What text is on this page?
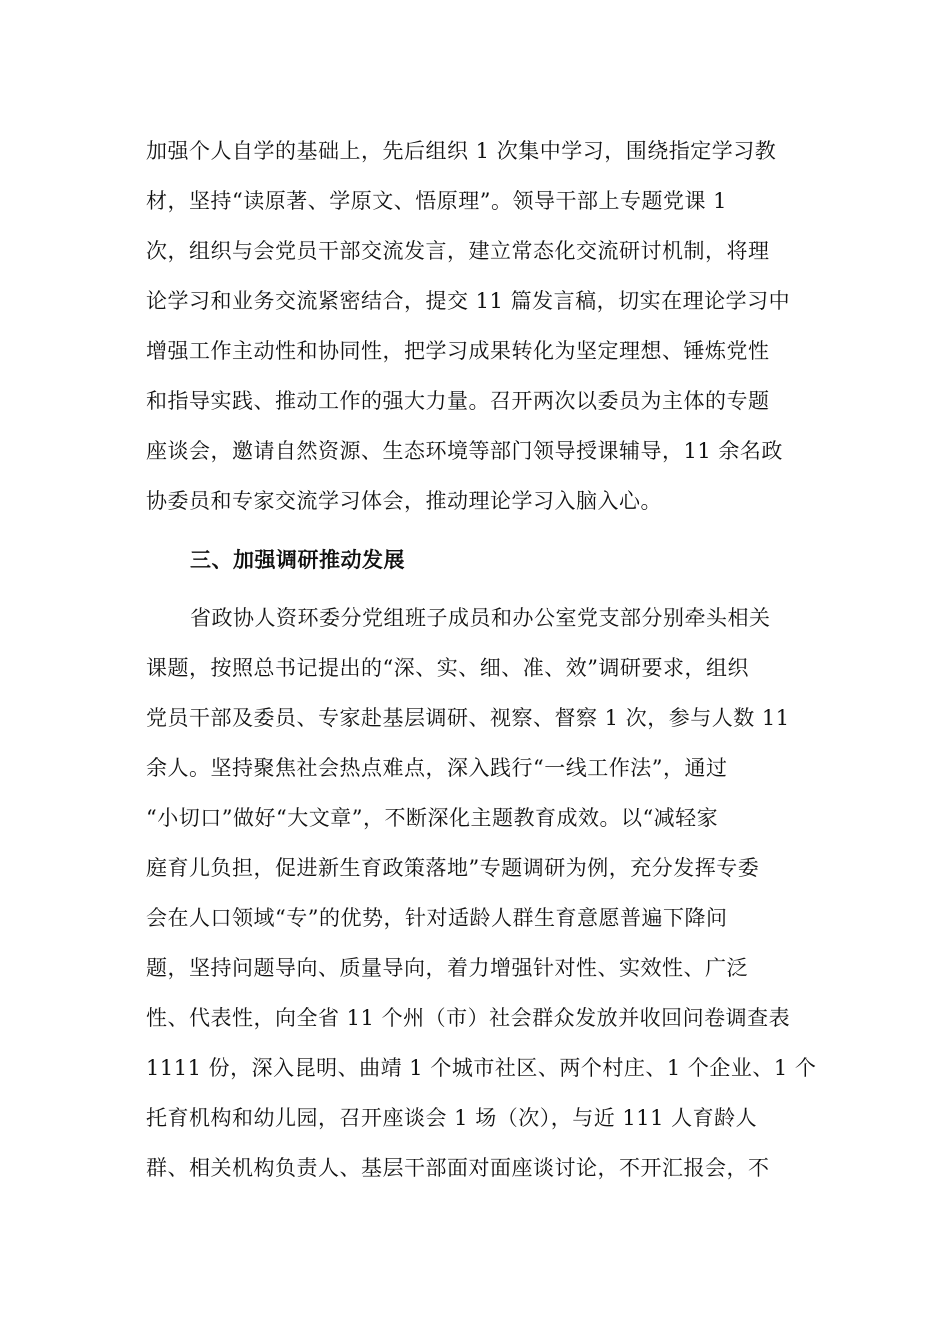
加强个人自学的基础上，先后组织 1 次集中学习，围绕指定学习教
材，坚持“读原著、学原文、悟原理”。领导干部上专题党课 1
次，组织与会党员干部交流发言，建立常态化交流研讨机制，将理
论学习和业务交流紧密结合，提交 11 篇发言稿，切实在理论学习中
增强工作主动性和协同性，把学习成果转化为坚定理想、锤炼党性
和指导实践、推动工作的强大力量。召开两次以委员为主体的专题
座谈会，邀请自然资源、生态环境等部门领导授课辅导，11 余名政
协委员和专家交流学习体会，推动理论学习入脑入心。
三、加强调研推动发展
省政协人资环委分党组班子成员和办公室党支部分别牵头相关
课题，按照总书记提出的“深、实、细、准、效”调研要求，组织
党员干部及委员、专家赴基层调研、视察、督察 1 次，参与人数 11
余人。坚持聚焦社会热点难点，深入践行“一线工作法”，通过
“小切口”做好“大文章”，不断深化主题教育成效。以“减轻家
庭育儿负担，促进新生育政策落地”专题调研为例，充分发挥专委
会在人口领域“专”的优势，针对适龄人群生育意愿普遍下降问
题，坚持问题导向、质量导向，着力增强针对性、实效性、广泛
性、代表性，向全省 11 个州（市）社会群众发放并收回问卷调查表
1111 份，深入昆明、曲靖 1 个城市社区、两个村庄、1 个企业、1 个
托育机构和幼儿园，召开座谈会 1 场（次），与近 111 人育龄人
群、相关机构负责人、基层干部面对面座谈讨论，不开汇报会，不
